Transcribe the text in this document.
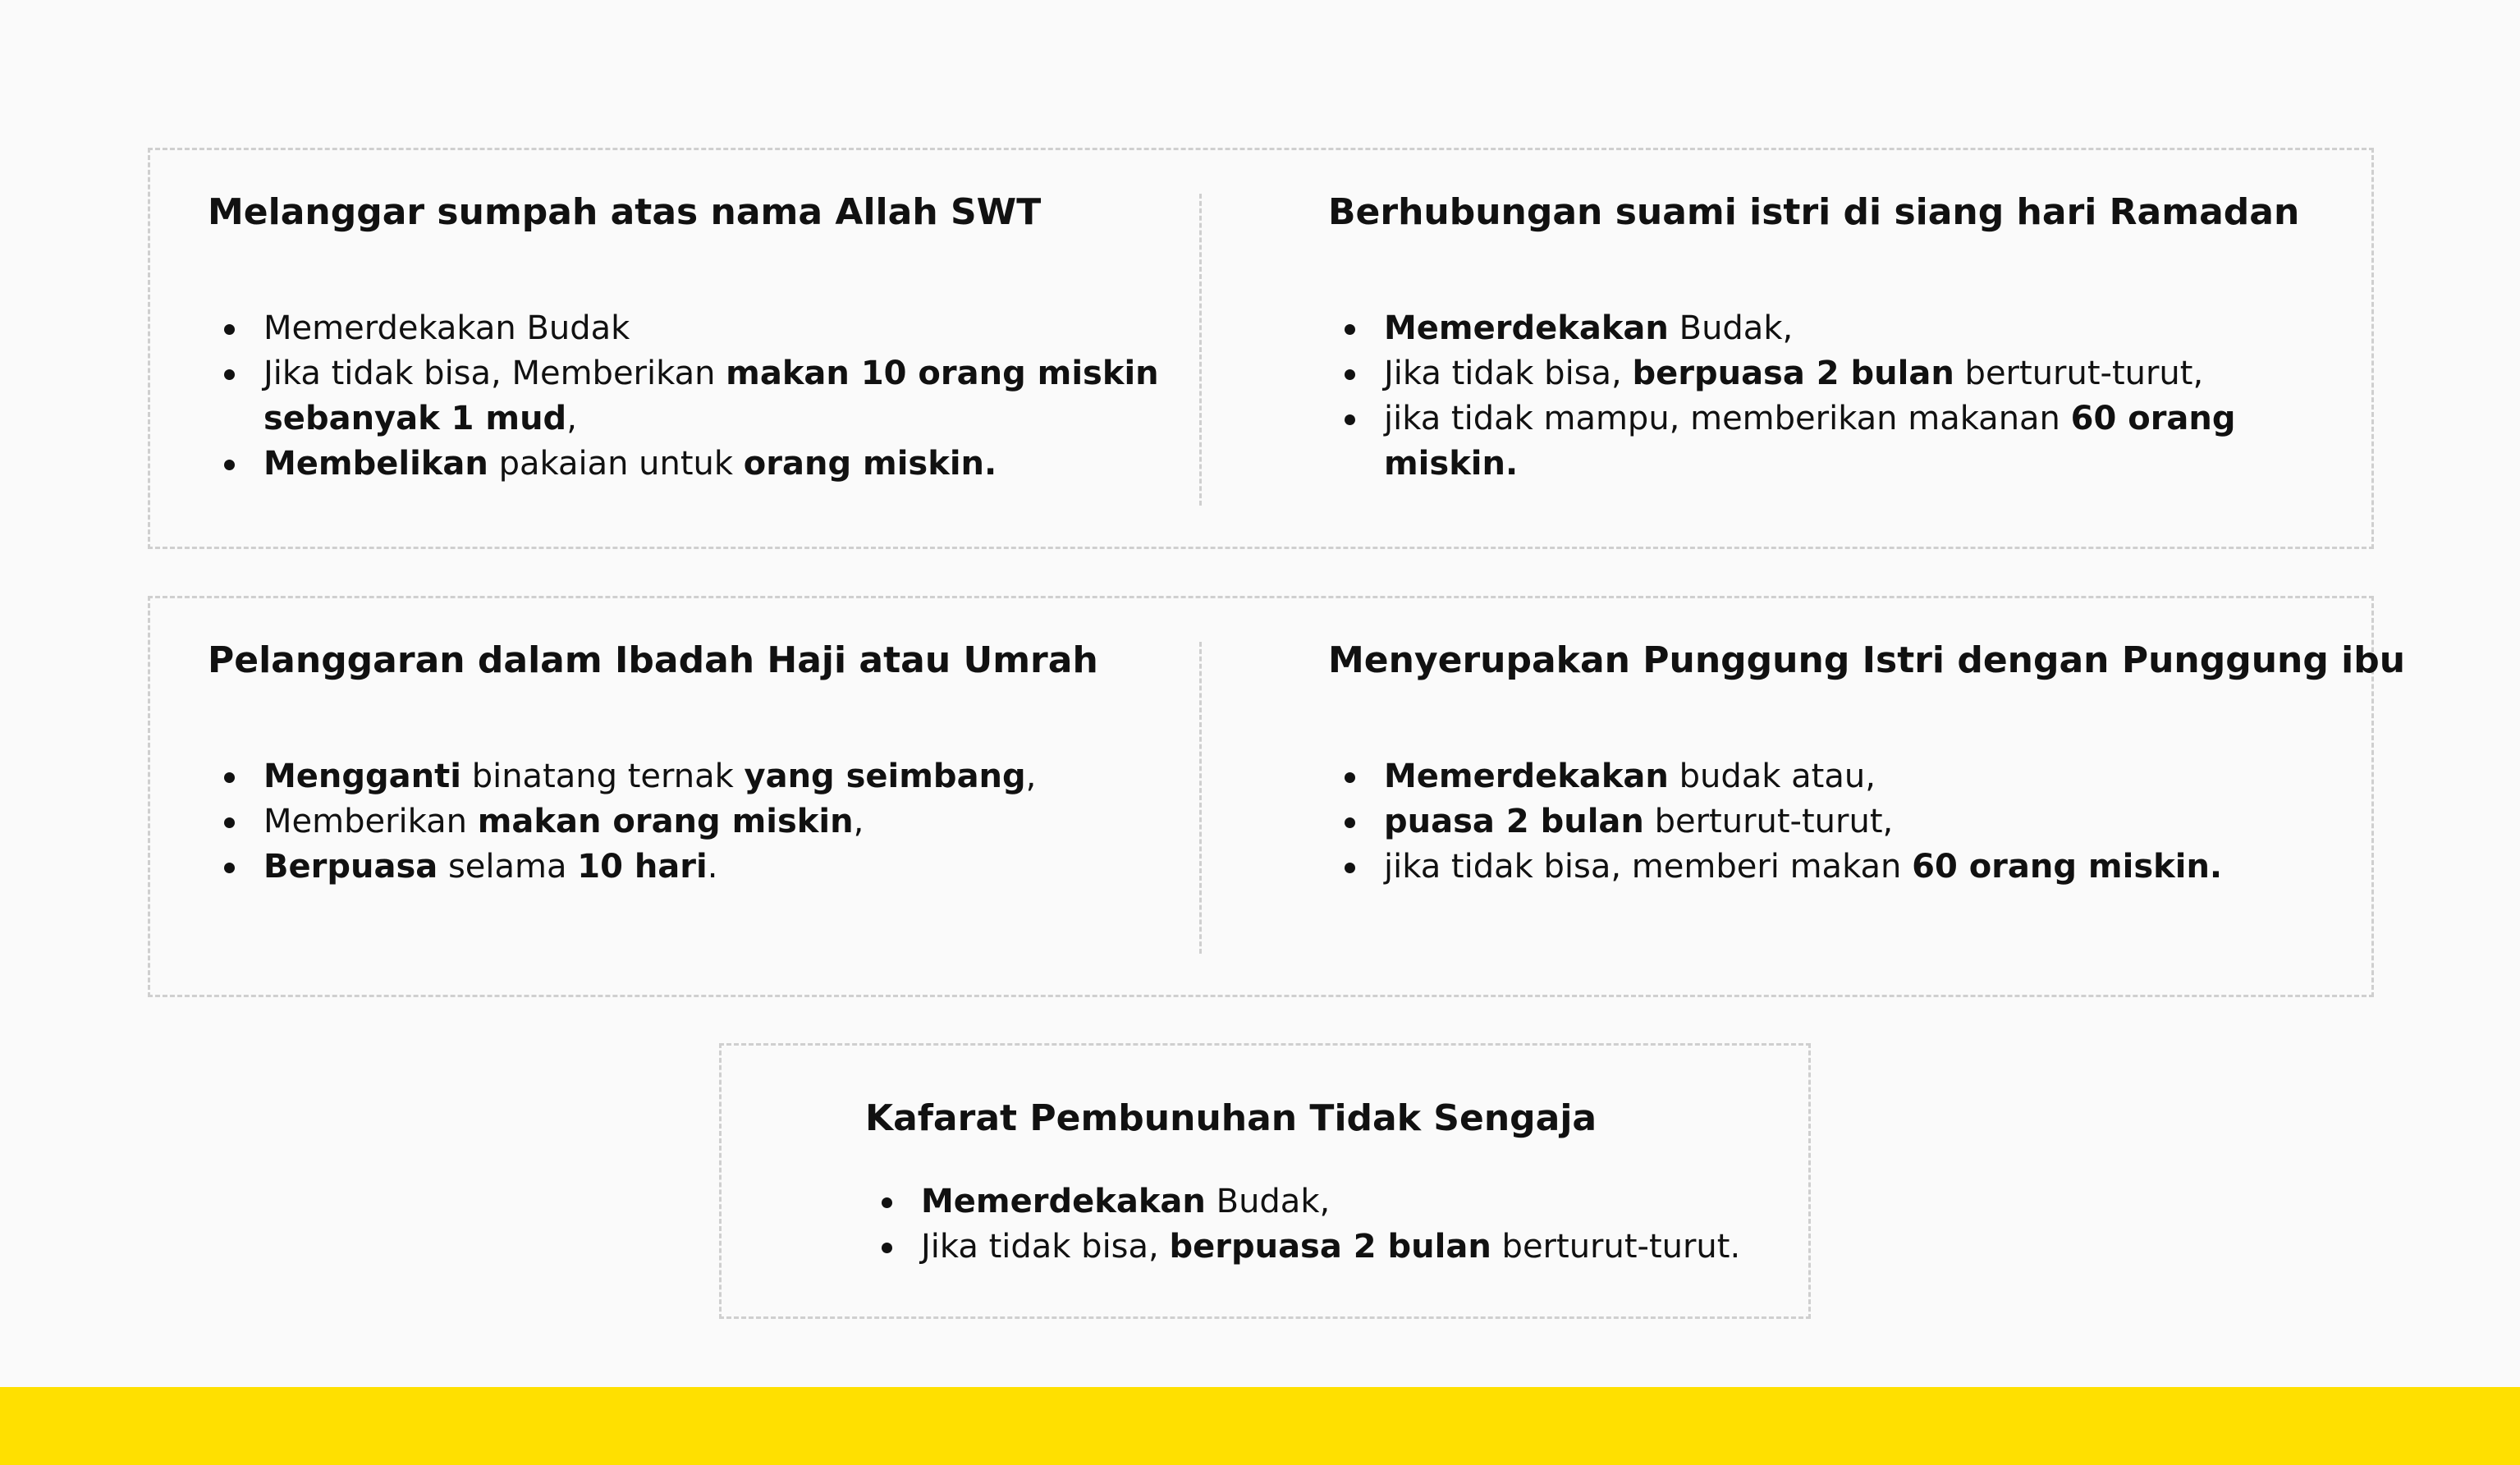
Melanggar sumpah atas nama Allah SWT
Memerdekakan Budak
Jika tidak bisa, Memberikan makan 10 orang miskin sebanyak 1 mud,
Membelikan pakaian untuk orang miskin.
Berhubungan suami istri di siang hari Ramadan
Memerdekakan Budak,
Jika tidak bisa, berpuasa 2 bulan berturut-turut,
jika tidak mampu, memberikan makanan 60 orang miskin.
Pelanggaran dalam Ibadah Haji atau Umrah
Mengganti binatang ternak yang seimbang,
Memberikan makan orang miskin,
Berpuasa selama 10 hari.
Menyerupakan Punggung Istri dengan Punggung ibu
Memerdekakan budak atau,
puasa 2 bulan berturut-turut,
jika tidak bisa, memberi makan 60 orang miskin.
Kafarat Pembunuhan Tidak Sengaja
Memerdekakan Budak,
Jika tidak bisa, berpuasa 2 bulan berturut-turut.
